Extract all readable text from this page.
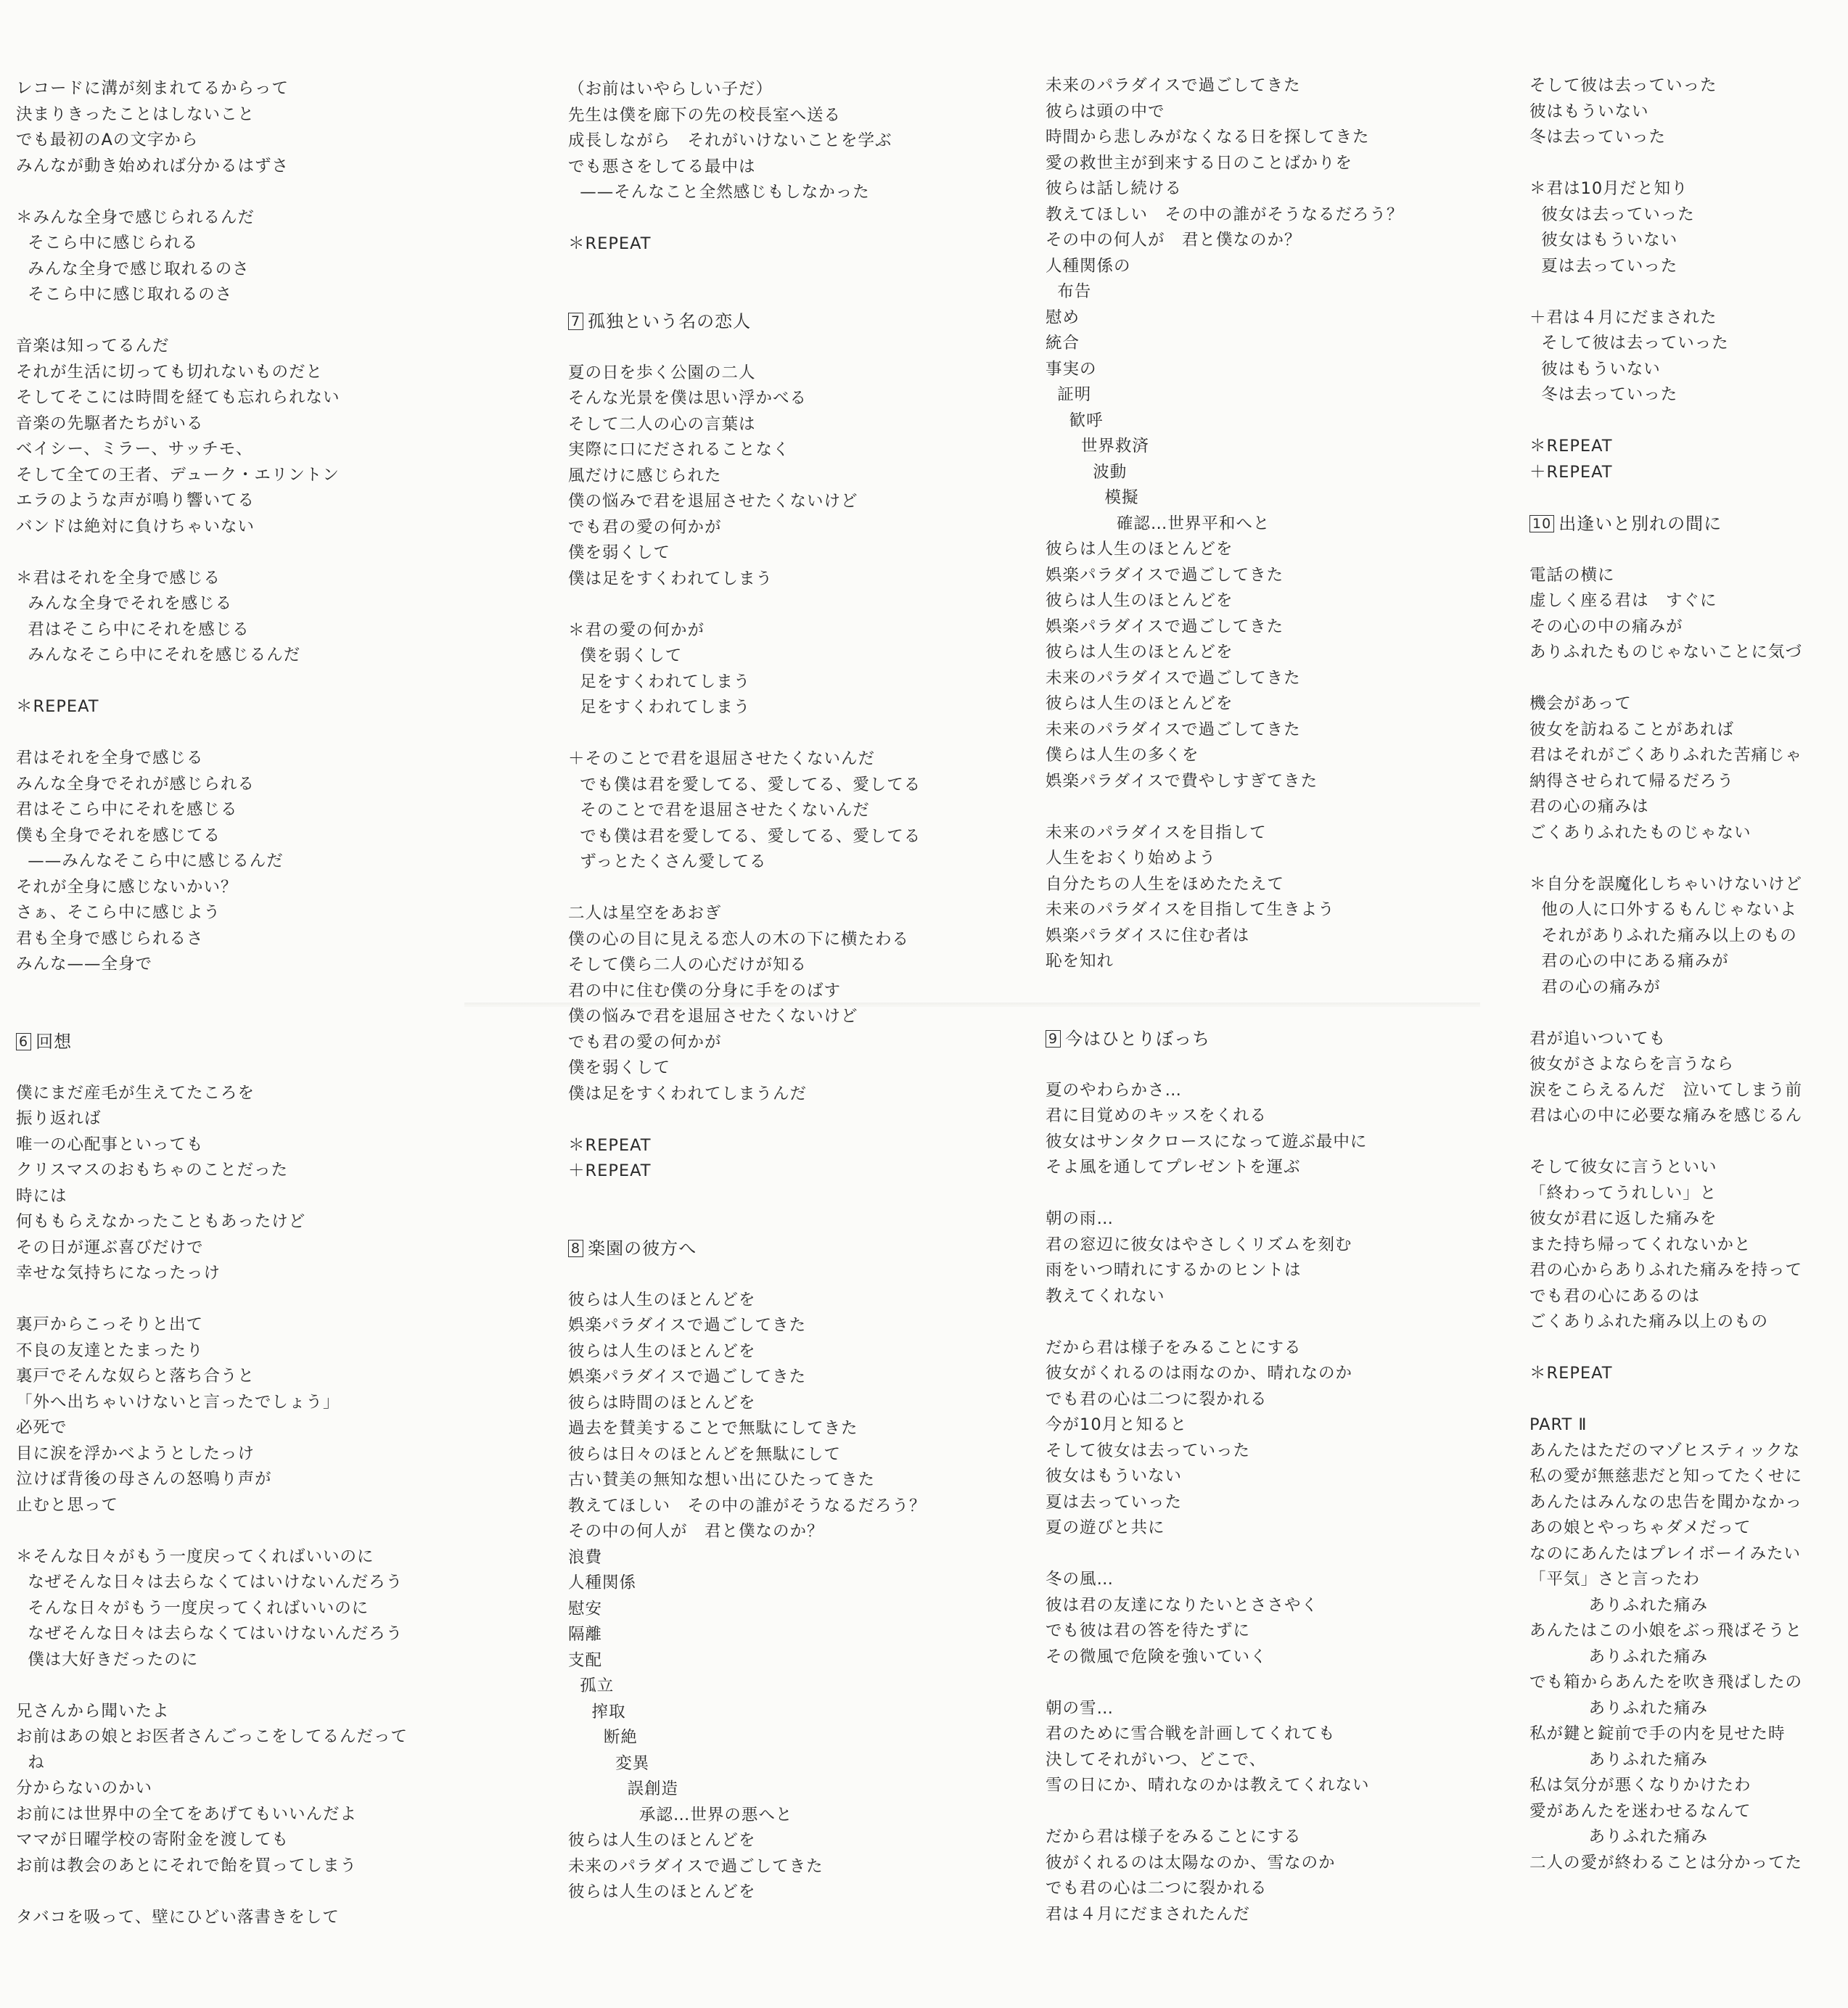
レコードに溝が刻まれてるからって
決まりきったことはしないこと
でも最初のAの文字から
みんなが動き始めれば分かるはずさ
＊みんな全身で感じられるんだ
そこら中に感じられる
みんな全身で感じ取れるのさ
そこら中に感じ取れるのさ
音楽は知ってるんだ
それが生活に切っても切れないものだと
そしてそこには時間を経ても忘れられない
音楽の先駆者たちがいる
ベイシー、ミラー、サッチモ、
そして全ての王者、デューク・エリントン
エラのような声が鳴り響いてる
バンドは絶対に負けちゃいない
＊君はそれを全身で感じる
みんな全身でそれを感じる
君はそこら中にそれを感じる
みんなそこら中にそれを感じるんだ
＊REPEAT
君はそれを全身で感じる
みんな全身でそれが感じられる
君はそこら中にそれを感じる
僕も全身でそれを感じてる
——みんなそこら中に感じるんだ
それが全身に感じないかい？
さぁ、そこら中に感じよう
君も全身で感じられるさ
みんな——全身で
6 回想
僕にまだ産毛が生えてたころを
振り返れば
唯一の心配事といっても
クリスマスのおもちゃのことだった
時には
何ももらえなかったこともあったけど
その日が運ぶ喜びだけで
幸せな気持ちになったっけ
裏戸からこっそりと出て
不良の友達とたまったり
裏戸でそんな奴らと落ち合うと
「外へ出ちゃいけないと言ったでしょう」
必死で
目に涙を浮かべようとしたっけ
泣けば背後の母さんの怒鳴り声が
止むと思って
＊そんな日々がもう一度戻ってくればいいのに
なぜそんな日々は去らなくてはいけないんだろう
そんな日々がもう一度戻ってくればいいのに
なぜそんな日々は去らなくてはいけないんだろう
僕は大好きだったのに
兄さんから聞いたよ
お前はあの娘とお医者さんごっこをしてるんだって
ね
分からないのかい
お前には世界中の全てをあげてもいいんだよ
ママが日曜学校の寄附金を渡しても
お前は教会のあとにそれで飴を買ってしまう
タバコを吸って、壁にひどい落書きをして
（お前はいやらしい子だ）
先生は僕を廊下の先の校長室へ送る
成長しながら　それがいけないことを学ぶ
でも悪さをしてる最中は
——そんなこと全然感じもしなかった
＊REPEAT
7 孤独という名の恋人
夏の日を歩く公園の二人
そんな光景を僕は思い浮かべる
そして二人の心の言葉は
実際に口にだされることなく
風だけに感じられた
僕の悩みで君を退屈させたくないけど
でも君の愛の何かが
僕を弱くして
僕は足をすくわれてしまう
＊君の愛の何かが
僕を弱くして
足をすくわれてしまう
足をすくわれてしまう
＋そのことで君を退屈させたくないんだ
でも僕は君を愛してる、愛してる、愛してる
そのことで君を退屈させたくないんだ
でも僕は君を愛してる、愛してる、愛してる
ずっとたくさん愛してる
二人は星空をあおぎ
僕の心の目に見える恋人の木の下に横たわる
そして僕ら二人の心だけが知る
君の中に住む僕の分身に手をのばす
僕の悩みで君を退屈させたくないけど
でも君の愛の何かが
僕を弱くして
僕は足をすくわれてしまうんだ
＊REPEAT
＋REPEAT
8 楽園の彼方へ
彼らは人生のほとんどを
娯楽パラダイスで過ごしてきた
彼らは人生のほとんどを
娯楽パラダイスで過ごしてきた
彼らは時間のほとんどを
過去を賛美することで無駄にしてきた
彼らは日々のほとんどを無駄にして
古い賛美の無知な想い出にひたってきた
教えてほしい　その中の誰がそうなるだろう？
その中の何人が　君と僕なのか？
浪費
人種関係
慰安
隔離
支配
孤立
搾取
断絶
変異
誤創造
承認…世界の悪へと
彼らは人生のほとんどを
未来のパラダイスで過ごしてきた
彼らは人生のほとんどを
未来のパラダイスで過ごしてきた
彼らは頭の中で
時間から悲しみがなくなる日を探してきた
愛の救世主が到来する日のことばかりを
彼らは話し続ける
教えてほしい　その中の誰がそうなるだろう？
その中の何人が　君と僕なのか？
人種関係の
布告
慰め
統合
事実の
証明
歓呼
世界救済
波動
模擬
確認…世界平和へと
彼らは人生のほとんどを
娯楽パラダイスで過ごしてきた
彼らは人生のほとんどを
娯楽パラダイスで過ごしてきた
彼らは人生のほとんどを
未来のパラダイスで過ごしてきた
彼らは人生のほとんどを
未来のパラダイスで過ごしてきた
僕らは人生の多くを
娯楽パラダイスで費やしすぎてきた
未来のパラダイスを目指して
人生をおくり始めよう
自分たちの人生をほめたたえて
未来のパラダイスを目指して生きよう
娯楽パラダイスに住む者は
恥を知れ
9 今はひとりぼっち
夏のやわらかさ…
君に目覚めのキッスをくれる
彼女はサンタクロースになって遊ぶ最中に
そよ風を通してプレゼントを運ぶ
朝の雨…
君の窓辺に彼女はやさしくリズムを刻む
雨をいつ晴れにするかのヒントは
教えてくれない
だから君は様子をみることにする
彼女がくれるのは雨なのか、晴れなのか
でも君の心は二つに裂かれる
今が10月と知ると
そして彼女は去っていった
彼女はもういない
夏は去っていった
夏の遊びと共に
冬の風…
彼は君の友達になりたいとささやく
でも彼は君の答を待たずに
その微風で危険を強いていく
朝の雪…
君のために雪合戦を計画してくれても
決してそれがいつ、どこで、
雪の日にか、晴れなのかは教えてくれない
だから君は様子をみることにする
彼がくれるのは太陽なのか、雪なのか
でも君の心は二つに裂かれる
君は４月にだまされたんだ
そして彼は去っていった
彼はもういない
冬は去っていった
＊君は10月だと知り
彼女は去っていった
彼女はもういない
夏は去っていった
＋君は４月にだまされた
そして彼は去っていった
彼はもういない
冬は去っていった
＊REPEAT
＋REPEAT
10 出逢いと別れの間に
電話の横に
虚しく座る君は　すぐに
その心の中の痛みが
ありふれたものじゃないことに気づ
機会があって
彼女を訪ねることがあれば
君はそれがごくありふれた苦痛じゃ
納得させられて帰るだろう
君の心の痛みは
ごくありふれたものじゃない
＊自分を誤魔化しちゃいけないけど
他の人に口外するもんじゃないよ
それがありふれた痛み以上のもの
君の心の中にある痛みが
君の心の痛みが
君が追いついても
彼女がさよならを言うなら
涙をこらえるんだ　泣いてしまう前
君は心の中に必要な痛みを感じるん
そして彼女に言うといい
「終わってうれしい」と
彼女が君に返した痛みを
また持ち帰ってくれないかと
君の心からありふれた痛みを持って
でも君の心にあるのは
ごくありふれた痛み以上のもの
＊REPEAT
PART Ⅱ
あんたはただのマゾヒスティックな
私の愛が無慈悲だと知ってたくせに
あんたはみんなの忠告を聞かなかっ
あの娘とやっちゃダメだって
なのにあんたはプレイボーイみたい
「平気」さと言ったわ
ありふれた痛み
あんたはこの小娘をぶっ飛ばそうと
ありふれた痛み
でも箱からあんたを吹き飛ばしたの
ありふれた痛み
私が鍵と錠前で手の内を見せた時
ありふれた痛み
私は気分が悪くなりかけたわ
愛があんたを迷わせるなんて
ありふれた痛み
二人の愛が終わることは分かってた
